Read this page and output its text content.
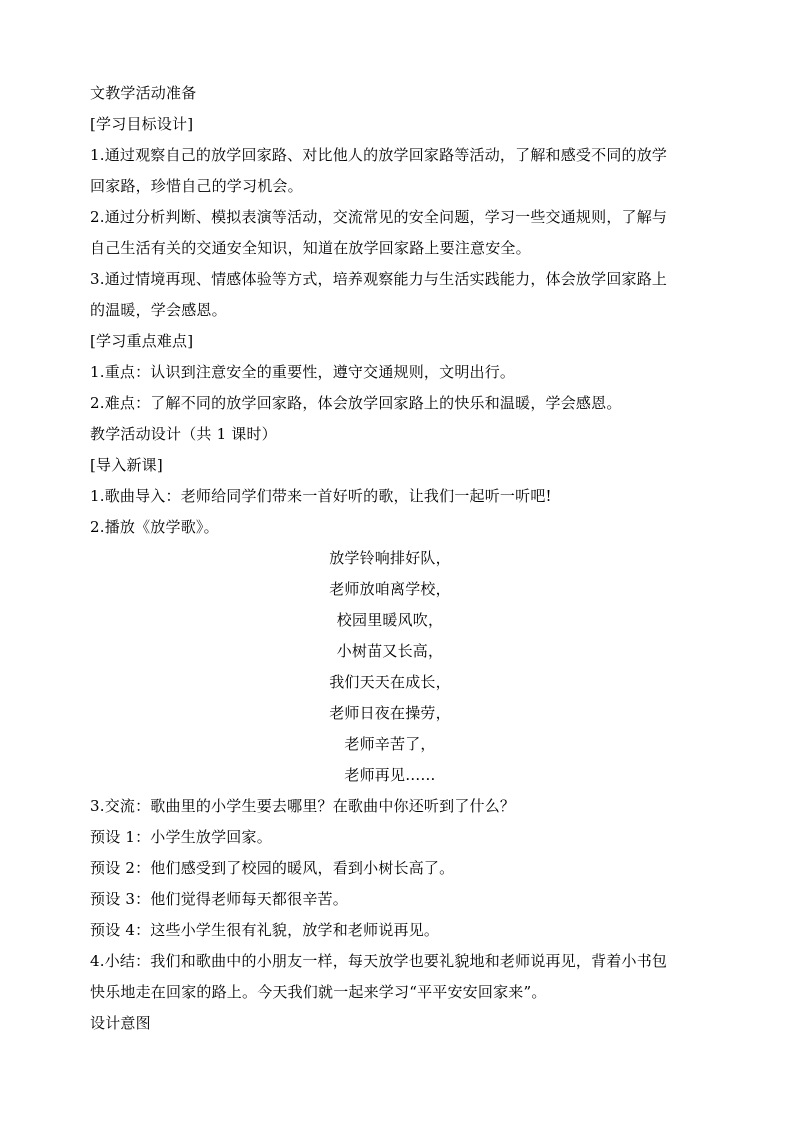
文教学活动准备
[学习目标设计]
1.通过观察自己的放学回家路、对比他人的放学回家路等活动，了解和感受不同的放学
回家路，珍惜自己的学习机会。
2.通过分析判断、模拟表演等活动，交流常见的安全问题，学习一些交通规则，了解与
自己生活有关的交通安全知识，知道在放学回家路上要注意安全。
3.通过情境再现、情感体验等方式，培养观察能力与生活实践能力，体会放学回家路上
的温暖，学会感恩。
[学习重点难点]
1.重点：认识到注意安全的重要性，遵守交通规则，文明出行。
2.难点：了解不同的放学回家路，体会放学回家路上的快乐和温暖，学会感恩。
教学活动设计（共 1 课时）
[导入新课]
1.歌曲导入：老师给同学们带来一首好听的歌，让我们一起听一听吧!
2.播放《放学歌》。
放学铃响排好队，
老师放咱离学校，
校园里暖风吹，
小树苗又长高，
我们天天在成长，
老师日夜在操劳，
老师辛苦了，
老师再见……
3.交流：歌曲里的小学生要去哪里？在歌曲中你还听到了什么？
预设 1：小学生放学回家。
预设 2：他们感受到了校园的暖风，看到小树长高了。
预设 3：他们觉得老师每天都很辛苦。
预设 4：这些小学生很有礼貌，放学和老师说再见。
4.小结：我们和歌曲中的小朋友一样，每天放学也要礼貌地和老师说再见，背着小书包
快乐地走在回家的路上。今天我们就一起来学习“平平安安回家来”。
设计意图
